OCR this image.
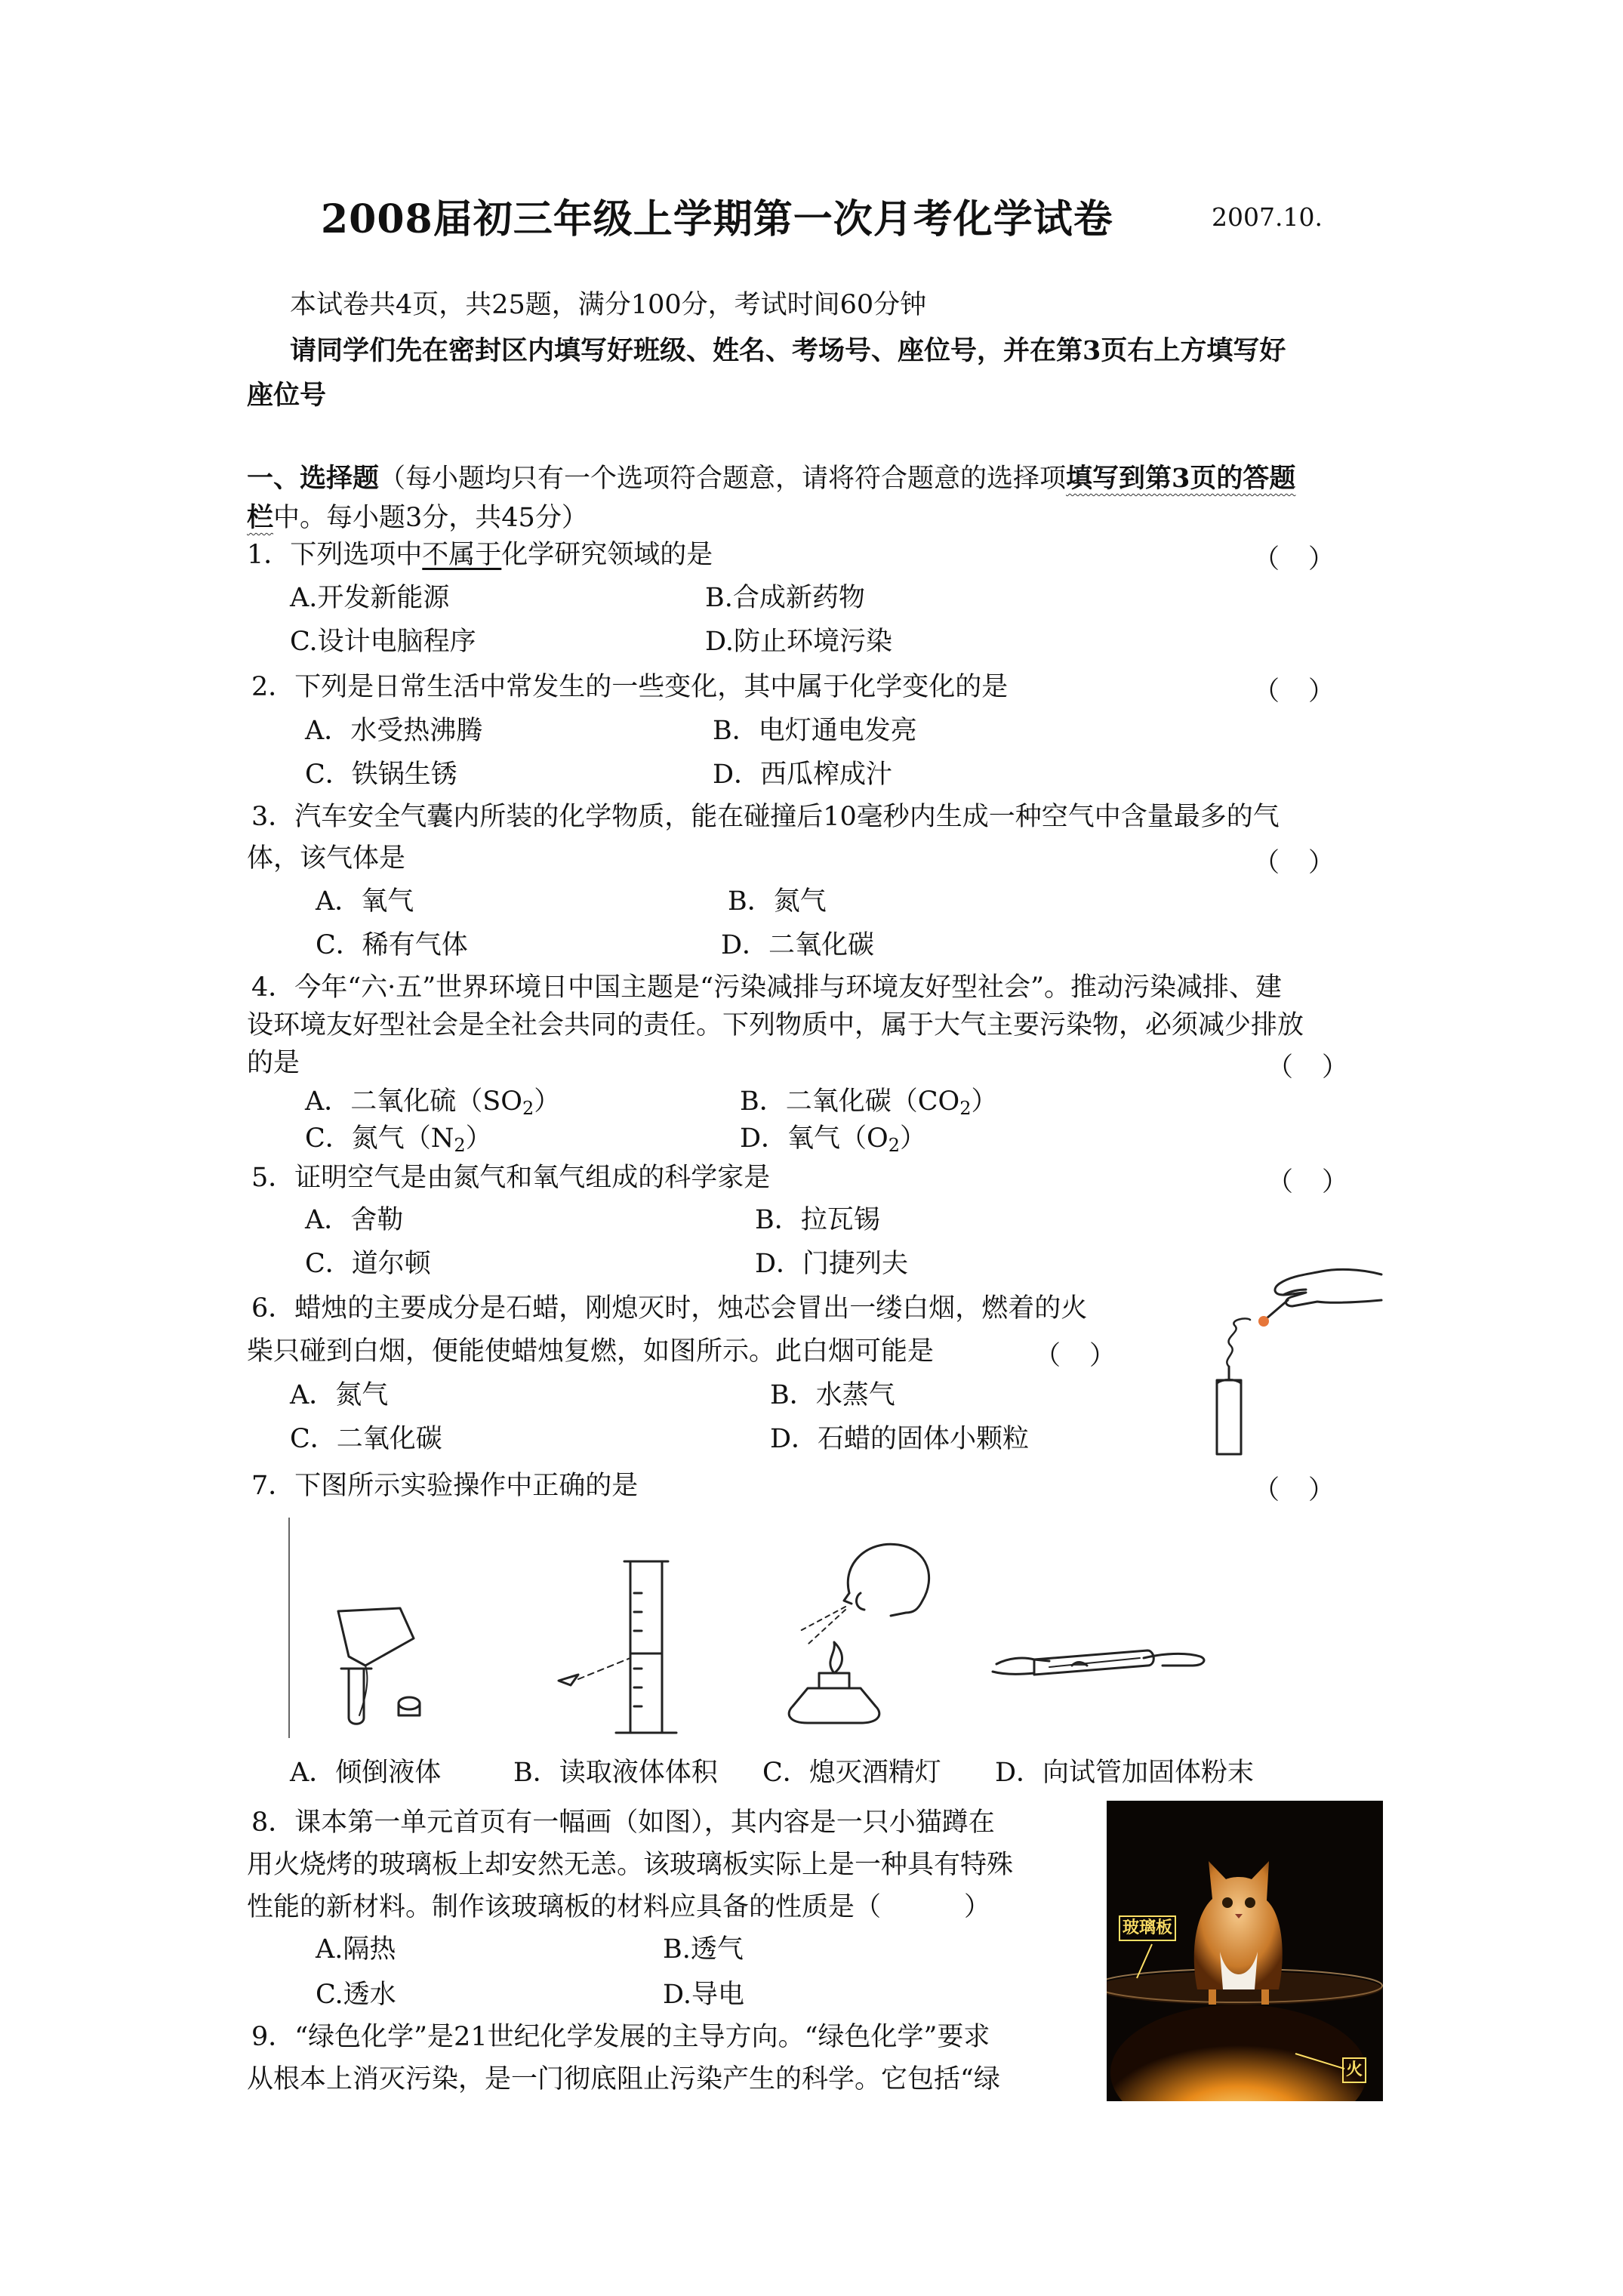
2008届初三年级上学期第一次月考化学试卷	2007.10.
本试卷共4页，共25题，满分100分，考试时间60分钟
请同学们先在密封区内填写好班级、姓名、考场号、座位号，并在第3页右上方填写好
座位号
一、选择题（每小题均只有一个选项符合题意，请将符合题意的选择项填写到第3页的答题
栏中。每小题3分，共45分）
1．下列选项中不属于化学研究领域的是	（）
A.开发新能源	B.合成新药物
C.设计电脑程序	D.防止环境污染
2．下列是日常生活中常发生的一些变化，其中属于化学变化的是	（）
A．水受热沸腾	B．电灯通电发亮
C．铁锅生锈	D．西瓜榨成汁
3．汽车安全气囊内所装的化学物质，能在碰撞后10毫秒内生成一种空气中含量最多的气
体，该气体是	（）
A．氧气	B．氮气
C．稀有气体	D．二氧化碳
4．今年“六·五”世界环境日中国主题是“污染减排与环境友好型社会”。推动污染减排、建
设环境友好型社会是全社会共同的责任。下列物质中，属于大气主要污染物，必须减少排放
的是	（）
A．二氧化硫$(SO_2)$	B．二氧化碳$(CO_2)$
C．氮气$(N_2)$	D．氧气$(O_2)$
5．证明空气是由氮气和氧气组成的科学家是	（）
A．舍勒	B．拉瓦锡
C．道尔顿	D．门捷列夫
6．蜡烛的主要成分是石蜡，刚熄灭时，烛芯会冒出一缕白烟，燃着的火
柴只碰到白烟，便能使蜡烛复燃，如图所示。此白烟可能是	（）
A．氮气	B．水蒸气
C．二氧化碳	D．石蜡的固体小颗粒
7．下图所示实验操作中正确的是	（）
A．倾倒液体	B．读取液体体积 C．熄灭酒精灯 D．向试管加固体粉末
8．课本第一单元首页有一幅画（如图），其内容是一只小猫蹲在
用火烧烤的玻璃板上却安然无恙。该玻璃板实际上是一种具有特殊
性能的新材料。制作该玻璃板的材料应具备的性质是（	）
A.隔热	B.透气
C.透水	D.导电
玻璃板
火
9．“绿色化学”是21世纪化学发展的主导方向。“绿色化学”要求
从根本上消灭污染，是一门彻底阻止污染产生的科学。它包括“绿
